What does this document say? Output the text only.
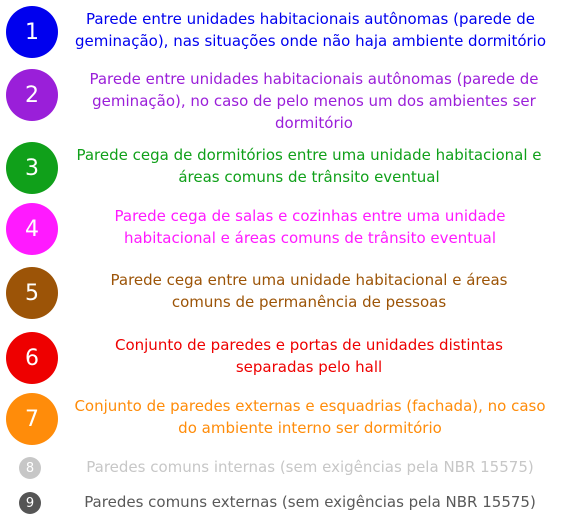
1
Parede entre unidades habitacionais autônomas (parede de geminação), nas situações onde não haja ambiente dormitório
2
Parede entre unidades habitacionais autônomas (parede de geminação), no caso de pelo menos um dos ambientes ser dormitório
3
Parede cega de dormitórios entre uma unidade habitacional e áreas comuns de trânsito eventual
4
Parede cega de salas e cozinhas entre uma unidade habitacional e áreas comuns de trânsito eventual
5
Parede cega entre uma unidade habitacional e áreas comuns de permanência de pessoas
6
Conjunto de paredes e portas de unidades distintas separadas pelo hall
7
Conjunto de paredes externas e esquadrias (fachada), no caso do ambiente interno ser dormitório
8	Paredes comuns internas (sem exigências pela NBR 15575)
9	Paredes comuns externas (sem exigências pela NBR 15575)
